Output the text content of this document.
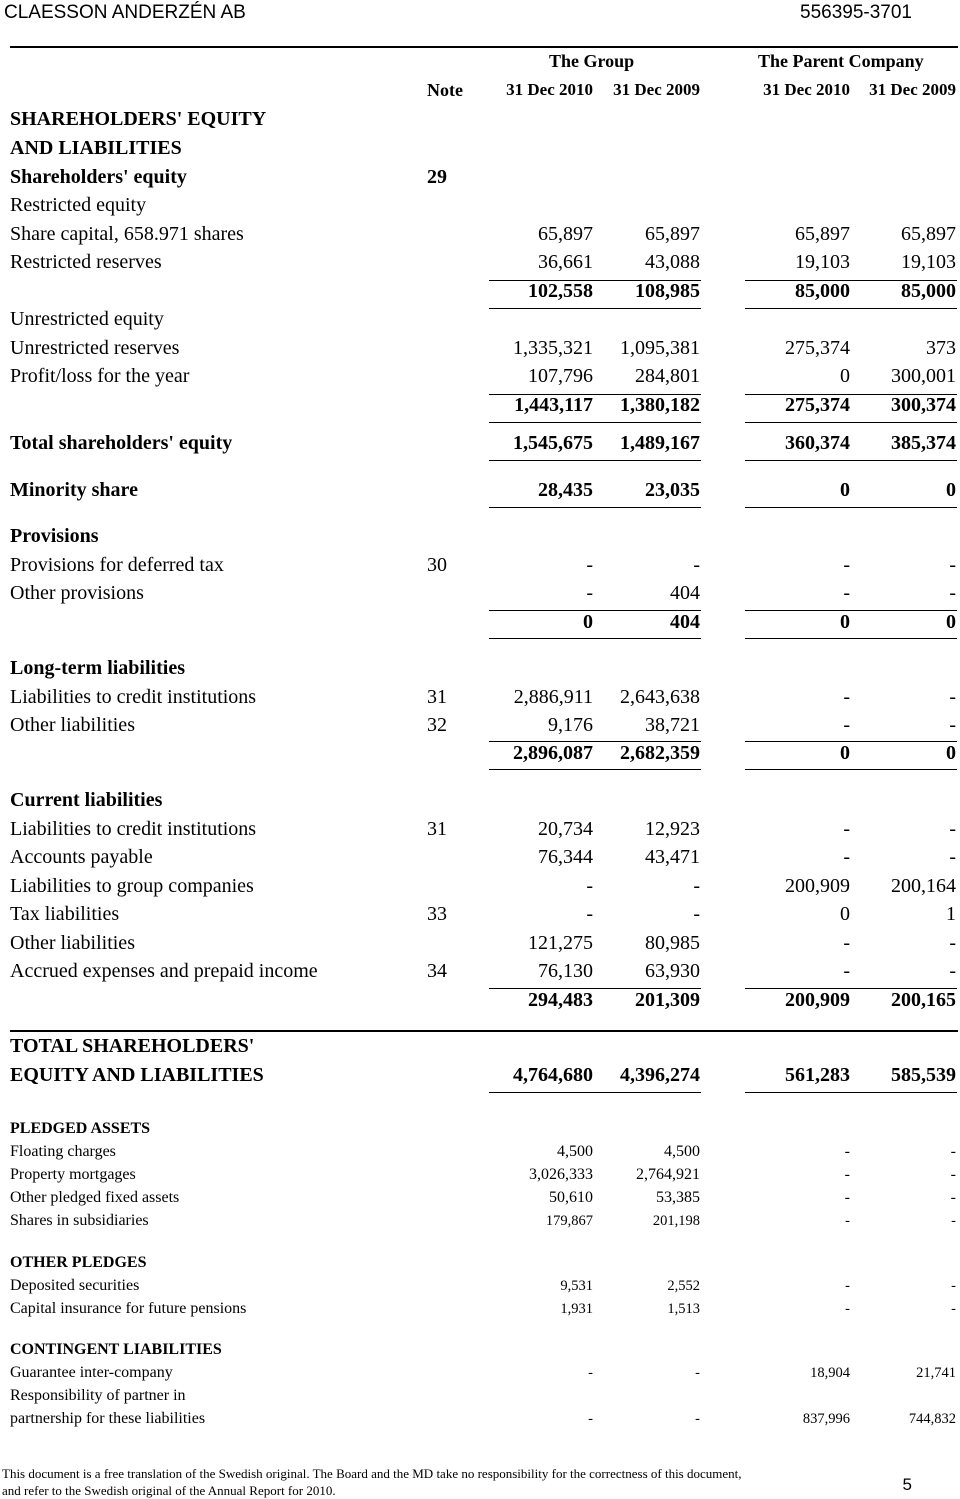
CLAESSON ANDERZÉN AB	556395-3701
The Group	The Parent Company
Note	31 Dec 2010 31 Dec 2009	31 Dec 2010 31 Dec 2009
SHAREHOLDERS' EQUITY
AND LIABILITIES
Shareholders' equity	29
Restricted equity
Share capital, 658.971 shares	65,897	65,897	65,897	65,897
Restricted reserves	36,661	43,088	19,103	19,103
102,558 108,985	85,000	85,000
Unrestricted equity
Unrestricted reserves	1,335,321 1,095,381	275,374	373
Profit/loss for the year	107,796 284,801	0 300,001
1,443,117 1,380,182	275,374 300,374
Total shareholders' equity	1,545,675 1,489,167	360,374 385,374
Minority share	28,435	23,035	0	0
Provisions
Provisions for deferred tax	30	-	-	-	-
Other provisions	-	404	-	-
0	404	0	0
Long-term liabilities
Liabilities to credit institutions	31	2,886,911 2,643,638	-	-
Other liabilities	32	9,176	38,721	-	-
2,896,087 2,682,359	0	0
Current liabilities
Liabilities to credit institutions	31	20,734	12,923	-	-
Accounts payable	76,344	43,471	-	-
Liabilities to group companies	-	-	200,909 200,164
Tax liabilities	33	-	-	0	1
Other liabilities	121,275	80,985	-	-
Accrued expenses and prepaid income	34	76,130	63,930	-	-
294,483 201,309	200,909 200,165
TOTAL SHAREHOLDERS'
EQUITY AND LIABILITIES	4,764,680 4,396,274	561,283 585,539
PLEDGED ASSETS
Floating charges	4,500	4,500	-	-
Property mortgages	3,026,333	2,764,921	-	-
Other pledged fixed assets	50,610	53,385	-	-
Shares in subsidiaries	179,867	201,198	-	-
OTHER PLEDGES
Deposited securities	9,531	2,552	-	-
Capital insurance for future pensions	1,931	1,513	-	-
CONTINGENT LIABILITIES
Guarantee inter-company	-	-	18,904	21,741
Responsibility of partner in
partnership for these liabilities	-	-	837,996	744,832
This document is a free translation of the Swedish original. The Board and the MD take no responsibility for the correctness of this document,
and refer to the Swedish original of the Annual Report for 2010.	5
